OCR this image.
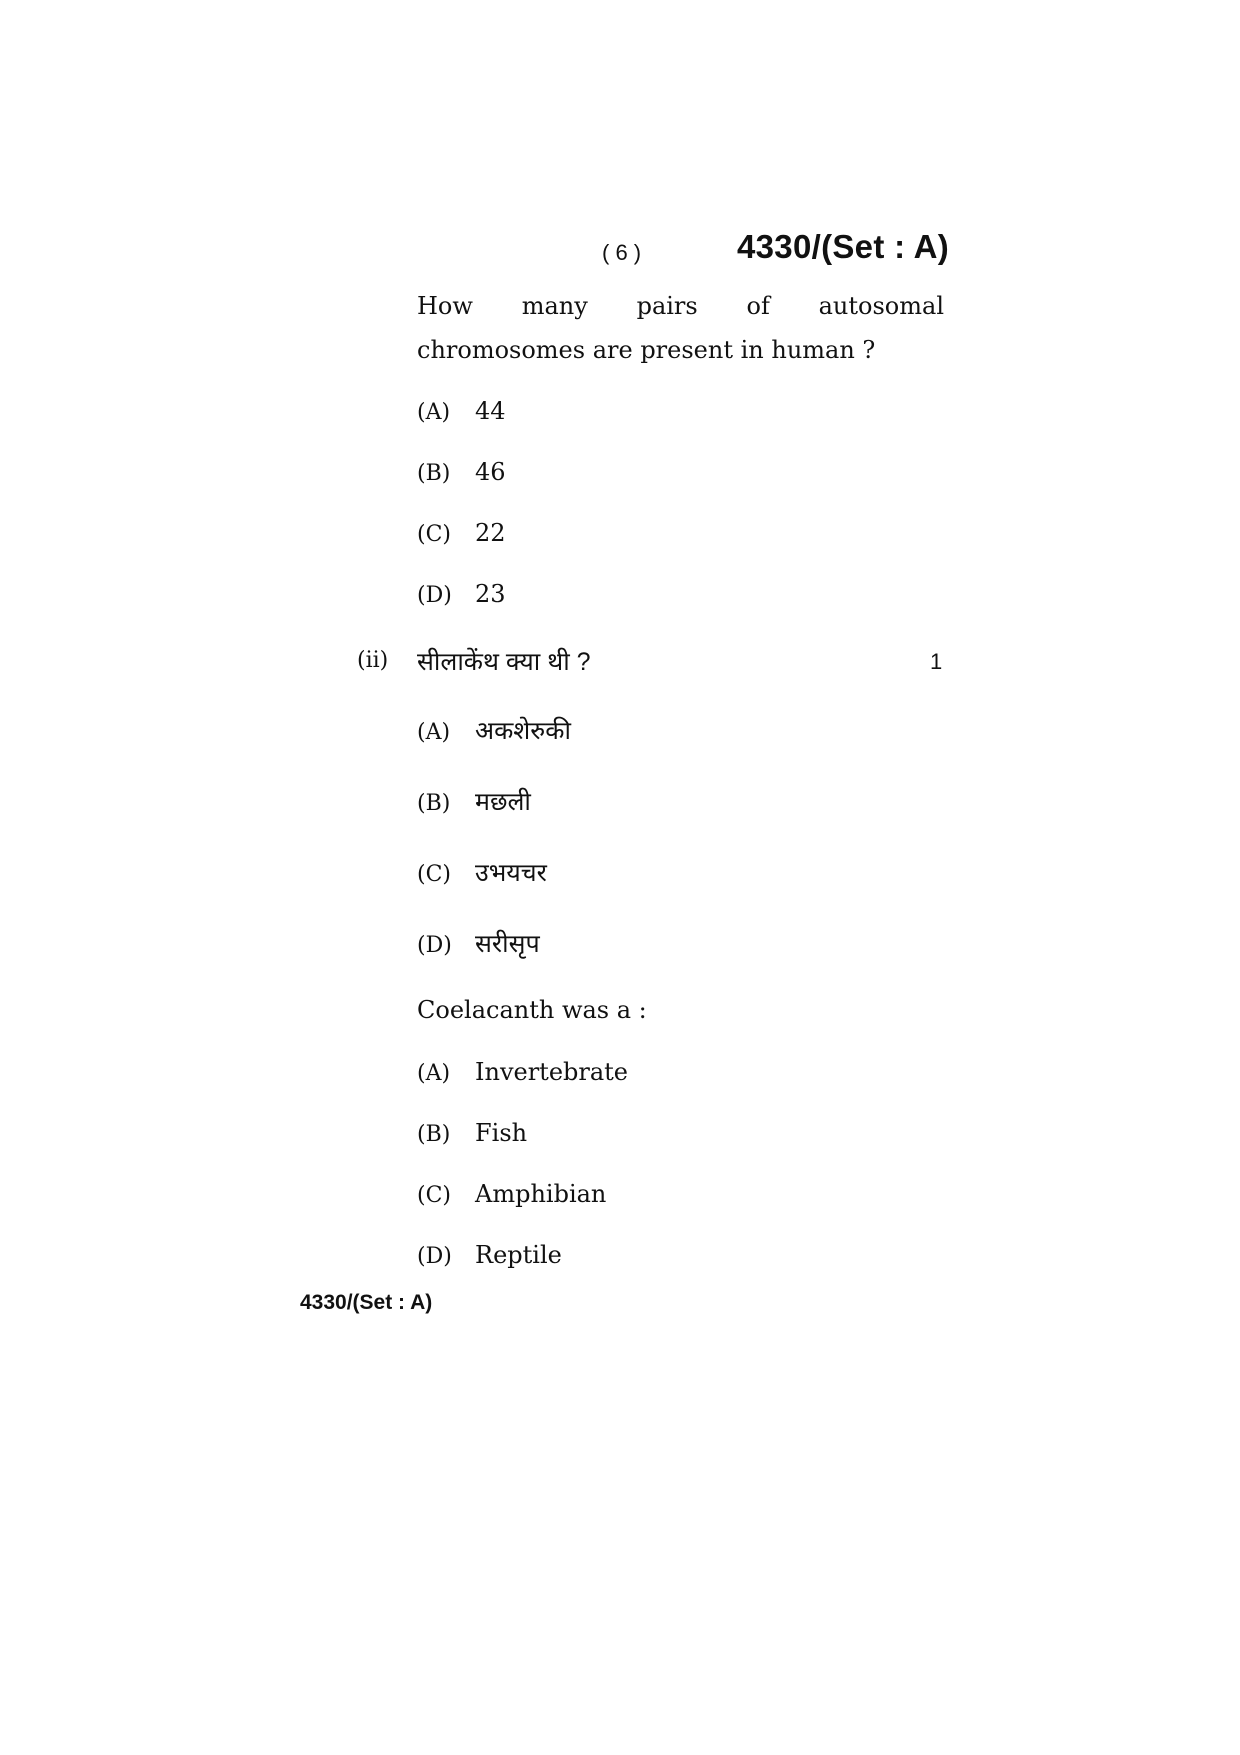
( 6 )	4330/(Set : A)
How many pairs of autosomal
chromosomes are present in human ?
(A) 44
(B) 46
(C) 22
(D) 23
(ii) सीलाकेंथ क्या थी ?	1
(A) अकशेरुकी
(B) मछली
(C) उभयचर
(D) सरीसृप
Coelacanth was a :
(A) Invertebrate
(B) Fish
(C) Amphibian
(D) Reptile
4330/(Set : A)
